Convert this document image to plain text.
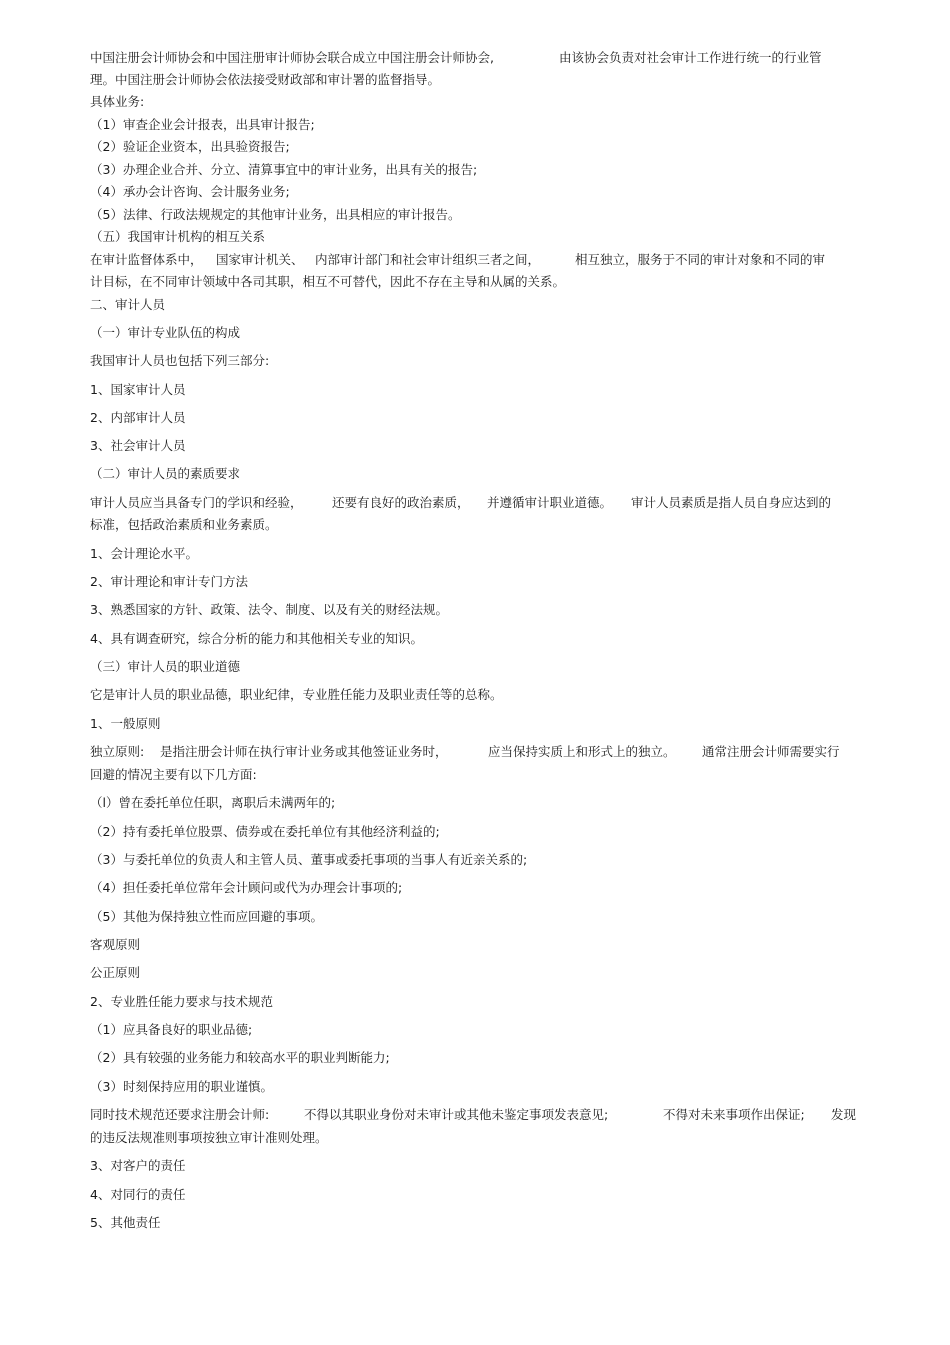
中国注册会计师协会和中国注册审计师协会联合成立中国注册会计师协会,	由该协会负责对社会审计工作进行统一的行业管
理。中国注册会计师协会依法接受财政部和审计署的监督指导。
具体业务:
（1）审查企业会计报表，出具审计报告;
（2）验证企业资本，出具验资报告;
（3）办理企业合并、分立、清算事宜中的审计业务，出具有关的报告;
（4）承办会计咨询、会计服务业务;
（5）法律、行政法规规定的其他审计业务，出具相应的审计报告。
（五）我国审计机构的相互关系
在审计监督体系中， 国家审计机关、 内部审计部门和社会审计组织三者之间，	相互独立，服务于不同的审计对象和不同的审
计目标，在不同审计领域中各司其职，相互不可替代，因此不存在主导和从属的关系。
二、审计人员
（一）审计专业队伍的构成
我国审计人员也包括下列三部分:
1、国家审计人员
2、内部审计人员
3、社会审计人员
（二）审计人员的素质要求
审计人员应当具备专门的学识和经验， 还要有良好的政治素质， 并遵循审计职业道德。 审计人员素质是指人员自身应达到的
标准，包括政治素质和业务素质。
1、会计理论水平。
2、审计理论和审计专门方法
3、熟悉国家的方针、政策、法令、制度、以及有关的财经法规。
4、具有调查研究，综合分析的能力和其他相关专业的知识。
（三）审计人员的职业道德
它是审计人员的职业品德，职业纪律，专业胜任能力及职业责任等的总称。
1、一般原则
独立原则: 是指注册会计师在执行审计业务或其他签证业务时，	应当保持实质上和形式上的独立。 通常注册会计师需要实行
回避的情况主要有以下几方面:
（l）曾在委托单位任职，离职后未满两年的;
（2）持有委托单位股票、债券或在委托单位有其他经济利益的;
（3）与委托单位的负责人和主管人员、董事或委托事项的当事人有近亲关系的;
（4）担任委托单位常年会计顾问或代为办理会计事项的;
（5）其他为保持独立性而应回避的事项。
客观原则
公正原则
2、专业胜任能力要求与技术规范
（1）应具备良好的职业品德;
（2）具有较强的业务能力和较高水平的职业判断能力;
（3）时刻保持应用的职业谨慎。
同时技术规范还要求注册会计师:	不得以其职业身份对未审计或其他未鉴定事项发表意见;	不得对未来事项作出保证; 发现
的违反法规准则事项按独立审计准则处理。
3、对客户的责任
4、对同行的责任
5、其他责任
